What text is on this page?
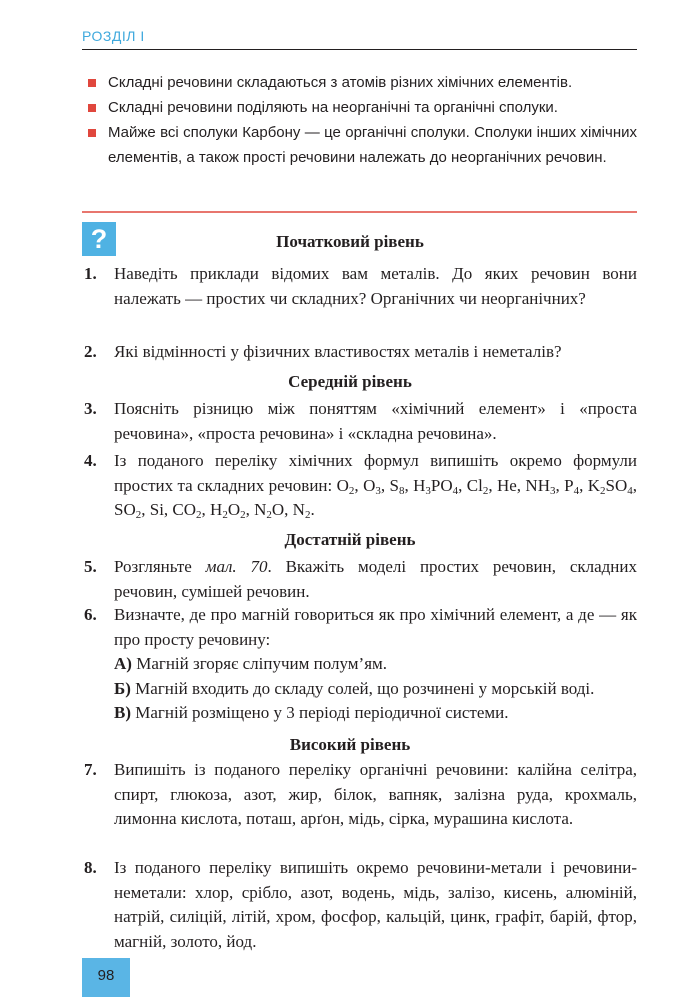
РОЗДІЛ І
Складні речовини складаються з атомів різних хімічних елементів.
Складні речовини поділяють на неорганічні та органічні сполуки.
Майже всі сполуки Карбону — це органічні сполуки. Сполуки інших хімічних елементів, а також прості речовини належать до неорганічних речовин.
?	Початковий рівень
1. Наведіть приклади відомих вам металів. До яких речовин вони належать — простих чи складних? Органічних чи неорганічних?
2. Які відмінності у фізичних властивостях металів і неметалів?
Середній рівень
3. Поясніть різницю між поняттям «хімічний елемент» і «проста речовина», «проста речовина» і «складна речовина».
4. Із поданого переліку хімічних формул випишіть окремо формули простих та складних речовин: $O_2$, $O_3$, $S_8$, $H_3PO_4$, $Cl_2$, He, $NH_3$, $P_4$, $K_2SO_4$, $SO_2$, Si, $CO_2$, $H_2O_2$, $N_2O$, $N_2$.
Достатній рівень
5. Розгляньте мал. 70. Вкажіть моделі простих речовин, складних речовин, сумішей речовин.
6. Визначте, де про магній говориться як про хімічний елемент, а де — як про просту речовину:
А) Магній згоряє сліпучим полум’ям.
Б) Магній входить до складу солей, що розчинені у морській воді.
В) Магній розміщено у 3 періоді періодичної системи.
Високий рівень
7. Випишіть із поданого переліку органічні речовини: калійна селітра, спирт, глюкоза, азот, жир, білок, вапняк, залізна руда, крохмаль, лимонна кислота, поташ, арґон, мідь, сірка, мурашина кислота.
8. Із поданого переліку випишіть окремо речовини-метали і речовини-неметали: хлор, срібло, азот, водень, мідь, залізо, кисень, алюміній, натрій, силіцій, літій, хром, фосфор, кальцій, цинк, графіт, барій, фтор, магній, золото, йод.
98
